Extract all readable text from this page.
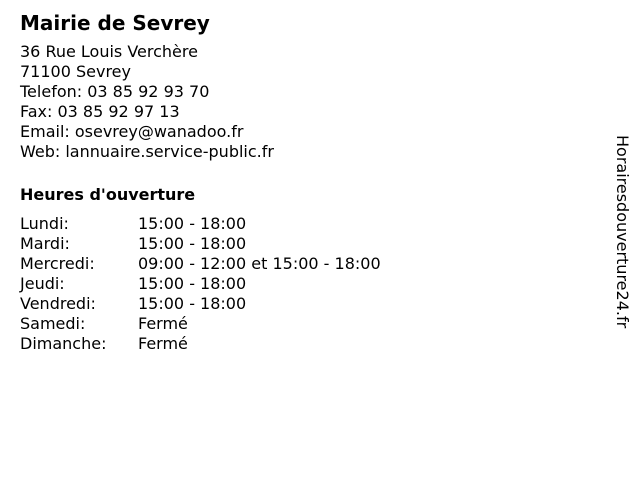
Mairie de Sevrey
36 Rue Louis Verchère
71100 Sevrey
Telefon: 03 85 92 93 70
Fax: 03 85 92 97 13
Email: osevrey@wanadoo.fr
Web: lannuaire.service-public.fr
Heures d'ouverture
Lundi:	15:00 - 18:00
Mardi:	15:00 - 18:00
Mercredi:	09:00 - 12:00 et 15:00 - 18:00
Jeudi:	15:00 - 18:00
Vendredi:	15:00 - 18:00
Samedi:	Fermé
Dimanche:	Fermé
Horairesdouverture24.fr
